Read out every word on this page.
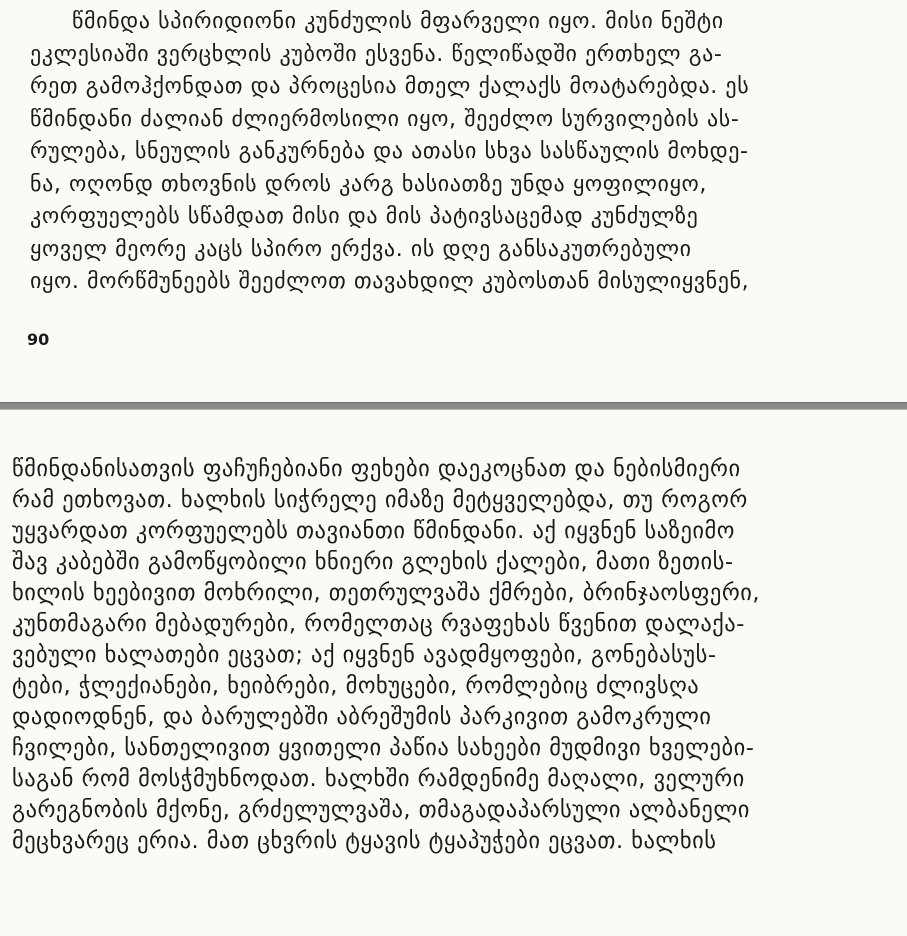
წმინდა სპირიდიონი კუნძულის მფარველი იყო. მისი ნეშტი
ეკლესიაში ვერცხლის კუბოში ესვენა. წელიწადში ერთხელ გა-
რეთ გამოჰქონდათ და პროცესია მთელ ქალაქს მოატარებდა. ეს
წმინდანი ძალიან ძლიერმოსილი იყო, შეეძლო სურვილების ას-
რულება, სნეულის განკურნება და ათასი სხვა სასწაულის მოხდე-
ნა, ოღონდ თხოვნის დროს კარგ ხასიათზე უნდა ყოფილიყო,
კორფუელებს სწამდათ მისი და მის პატივსაცემად კუნძულზე
ყოველ მეორე კაცს სპირო ერქვა. ის დღე განსაკუთრებული
იყო. მორწმუნეებს შეეძლოთ თავახდილ კუბოსთან მისულიყვნენ,
90
წმინდანისათვის ფაჩუჩებიანი ფეხები დაეკოცნათ და ნებისმიერი
რამ ეთხოვათ. ხალხის სიჭრელე იმაზე მეტყველებდა, თუ როგორ
უყვარდათ კორფუელებს თავიანთი წმინდანი. აქ იყვნენ საზეიმო
შავ კაბებში გამოწყობილი ხნიერი გლეხის ქალები, მათი ზეთის-
ხილის ხეებივით მოხრილი, თეთრულვაშა ქმრები, ბრინჯაოსფერი,
კუნთმაგარი მებადურები, რომელთაც რვაფეხას წვენით დალაქა-
ვებული ხალათები ეცვათ; აქ იყვნენ ავადმყოფები, გონებასუს-
ტები, ჭლექიანები, ხეიბრები, მოხუცები, რომლებიც ძლივსღა
დადიოდნენ, და ბარულებში აბრეშუმის პარკივით გამოკრული
ჩვილები, სანთელივით ყვითელი პაწია სახეები მუდმივი ხველები-
საგან რომ მოსჭმუხნოდათ. ხალხში რამდენიმე მაღალი, ველური
გარეგნობის მქონე, გრძელულვაშა, თმაგადაპარსული ალბანელი
მეცხვარეც ერია. მათ ცხვრის ტყავის ტყაპუჭები ეცვათ. ხალხის
